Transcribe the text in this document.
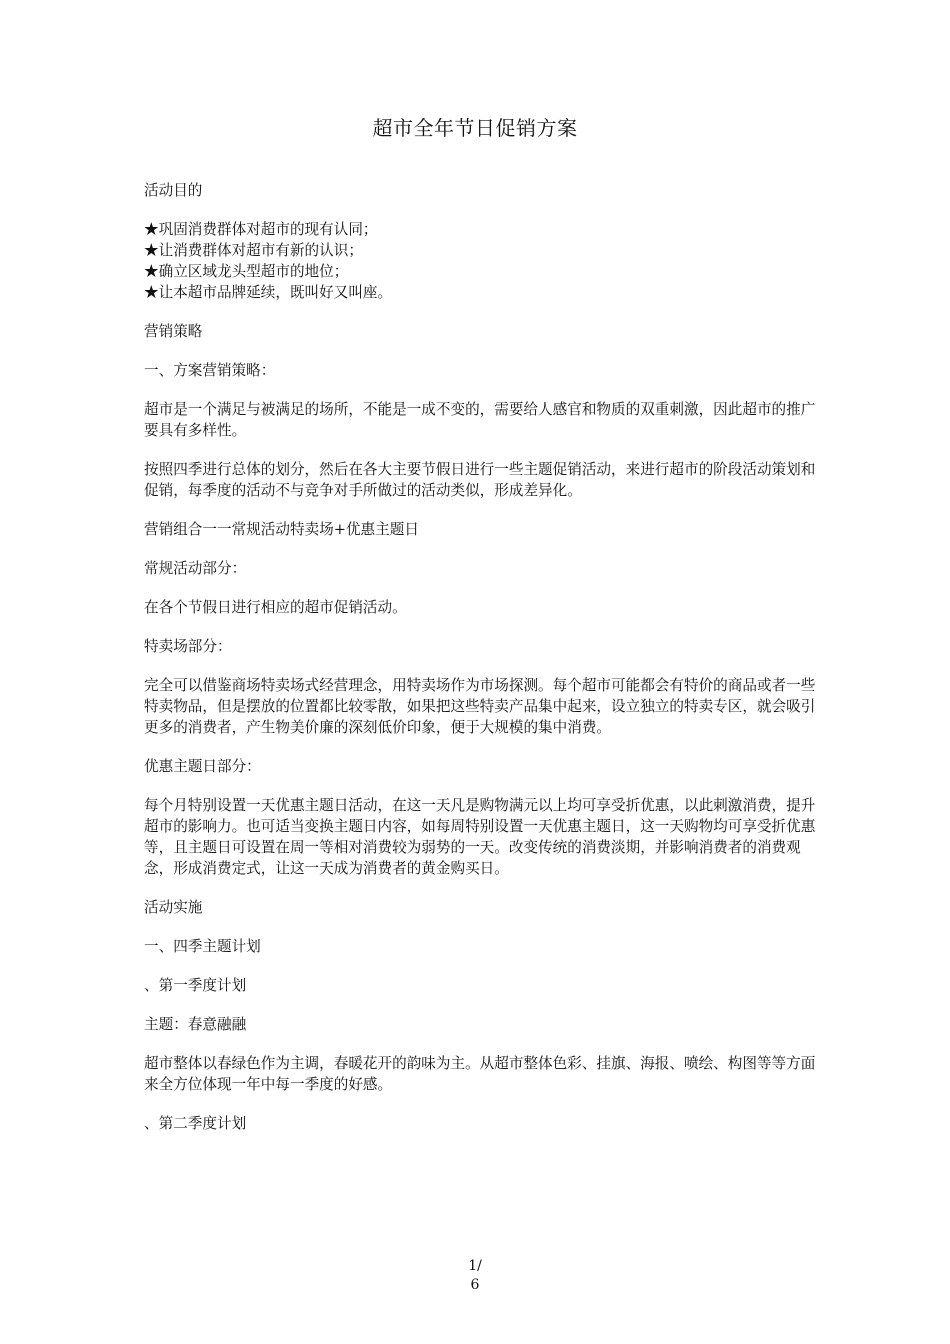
超市全年节日促销方案

活动目的

★巩固消费群体对超市的现有认同；

★让消费群体对超市有新的认识；

★确立区域龙头型超市的地位；

★让本超市品牌延续，既叫好又叫座。

营销策略

一、方案营销策略：

超市是一个满足与被满足的场所，不能是一成不变的，需要给人感官和物质的双重刺激，因此超市的推广要具有多样性。

按照四季进行总体的划分，然后在各大主要节假日进行一些主题促销活动，来进行超市的阶段活动策划和促销，每季度的活动不与竞争对手所做过的活动类似，形成差异化。

营销组合一一常规活动特卖场+优惠主题日

常规活动部分：

在各个节假日进行相应的超市促销活动。

特卖场部分：

完全可以借鉴商场特卖场式经营理念，用特卖场作为市场探测。每个超市可能都会有特价的商品或者一些特卖物品，但是摆放的位置都比较零散，如果把这些特卖产品集中起来，设立独立的特卖专区，就会吸引更多的消费者，产生物美价廉的深刻低价印象，便于大规模的集中消费。

优惠主题日部分：

每个月特别设置一天优惠主题日活动，在这一天凡是购物满元以上均可享受折优惠，以此刺激消费，提升超市的影响力。也可适当变换主题日内容，如每周特别设置一天优惠主题日，这一天购物均可享受折优惠等，且主题日可设置在周一等相对消费较为弱势的一天。改变传统的消费淡期，并影响消费者的消费观念，形成消费定式，让这一天成为消费者的黄金购买日。

活动实施

一、四季主题计划

、第一季度计划

主题：春意融融

超市整体以春绿色作为主调，春暖花开的韵味为主。从超市整体色彩、挂旗、海报、喷绘、构图等等方面来全方位体现一年中每一季度的好感。

、第二季度计划

1/
6
